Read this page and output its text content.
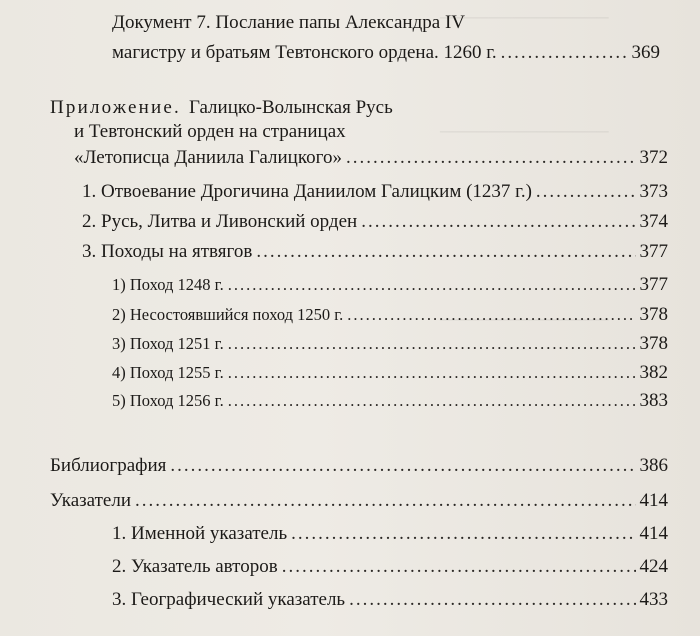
──────────────
──────────────
──────────────
Документ 7. Послание папы Александра IV
магистру и братьям Тевтонского ордена. 1260 г. .....	369
Приложение. Галицко-Волынская Русь
и Тевтонский орден на страницах
«Летописца Даниила Галицкого» .....	372
1. Отвоевание Дрогичина Даниилом Галицким (1237 г.) .....	373
2. Русь, Литва и Ливонский орден .....	374
3. Походы на ятвягов .....	377
1) Поход 1248 г. .....	377
2) Несостоявшийся поход 1250 г. .....	378
3) Поход 1251 г. .....	378
4) Поход 1255 г. .....	382
5) Поход 1256 г. .....	383
Библиография .....	386
Указатели .....	414
1. Именной указатель .....	414
2. Указатель авторов .....	424
3. Географический указатель .....	433
